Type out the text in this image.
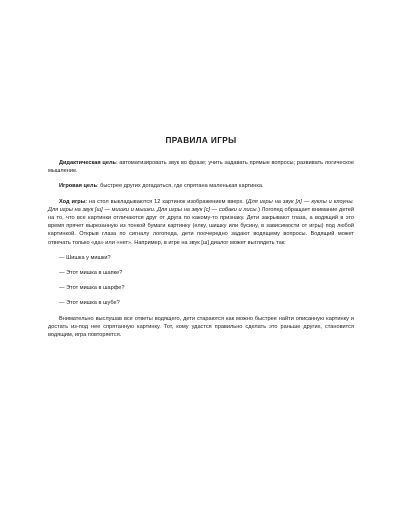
ПРАВИЛА ИГРЫ

Дидактическая цель: автоматизировать звук во фразе; учить задавать прямые вопросы; развивать логическое мышление.

Игровая цель: быстрее других догадаться, где спрятана маленькая картинка.

Ход игры: на стол выкладываются 12 картинок изображением вверх. (Для игры на звук [л] — куклы и клоуны. Для игры на звук [ш] — мишки и мышки. Для игры на звук [с] — собаки и лисы.) Логопед обращает внимание детей на то, что все картинки отличаются друг от друга по какому-то признаку. Дети закрывают глаза, а водящий в это время прячет вырезанную из тонкой бумаги картинку (елку, шишку или бусину, в зависимости от игры) под любой картинкой. Открыв глаза по сигналу логопеда, дети поочередно задают водящему вопросы. Водящий может отвечать только «да» или «нет». Например, в игре на звук [ш] диалог может выглядеть так:

— Шишка у мишки?

— Этот мишка в шапке?

— Этот мишка в шарфе?

— Этот мишка в шубе?

Внимательно выслушав все ответы водящего, дети стараются как можно быстрее найти описанную картинку и достать из-под нее спрятанную картинку. Тот, кому удастся правильно сделать это раньше других, становится водящим, игра повторяется.
